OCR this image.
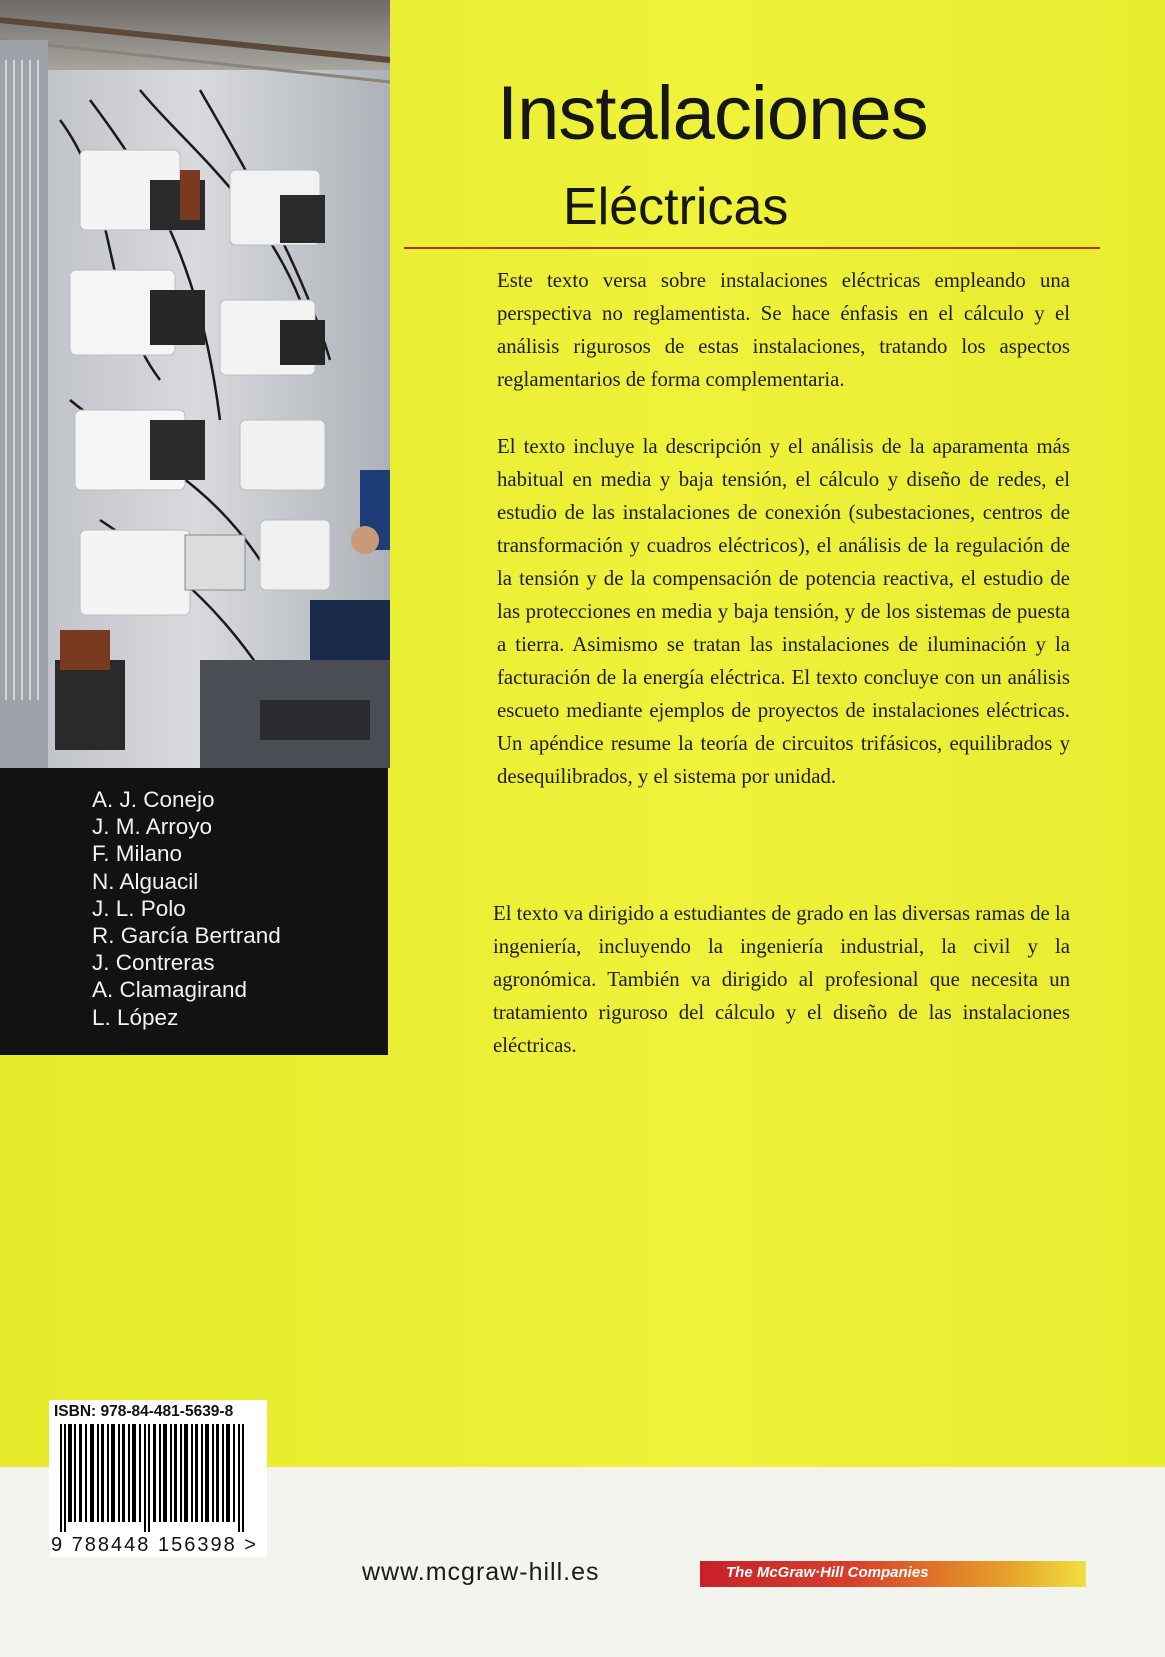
A. J. Conejo
J. M. Arroyo
F. Milano
N. Alguacil
J. L. Polo
R. García Bertrand
J. Contreras
A. Clamagirand
L. López
Instalaciones
Eléctricas

Este texto versa sobre instalaciones eléctricas empleando una perspectiva no reglamentista. Se hace énfasis en el cálculo y el análisis rigurosos de estas instalaciones, tratando los aspectos reglamentarios de forma complementaria.

El texto incluye la descripción y el análisis de la aparamenta más habitual en media y baja tensión, el cálculo y diseño de redes, el estudio de las instalaciones de conexión (subestaciones, centros de transformación y cuadros eléctricos), el análisis de la regulación de la tensión y de la compensación de potencia reactiva, el estudio de las protecciones en media y baja tensión, y de los sistemas de puesta a tierra. Asimismo se tratan las instalaciones de iluminación y la facturación de la energía eléctrica. El texto concluye con un análisis escueto mediante ejemplos de proyectos de instalaciones eléctricas. Un apéndice resume la teoría de circuitos trifásicos, equilibrados y desequilibrados, y el sistema por unidad.

El texto va dirigido a estudiantes de grado en las diversas ramas de la ingeniería, incluyendo la ingeniería industrial, la civil y la agronómica. También va dirigido al profesional que necesita un tratamiento riguroso del cálculo y el diseño de las instalaciones eléctricas.

ISBN: 978-84-481-5639-8

9 788448 156398 >

www.mcgraw-hill.es	The McGraw·Hill Companies
